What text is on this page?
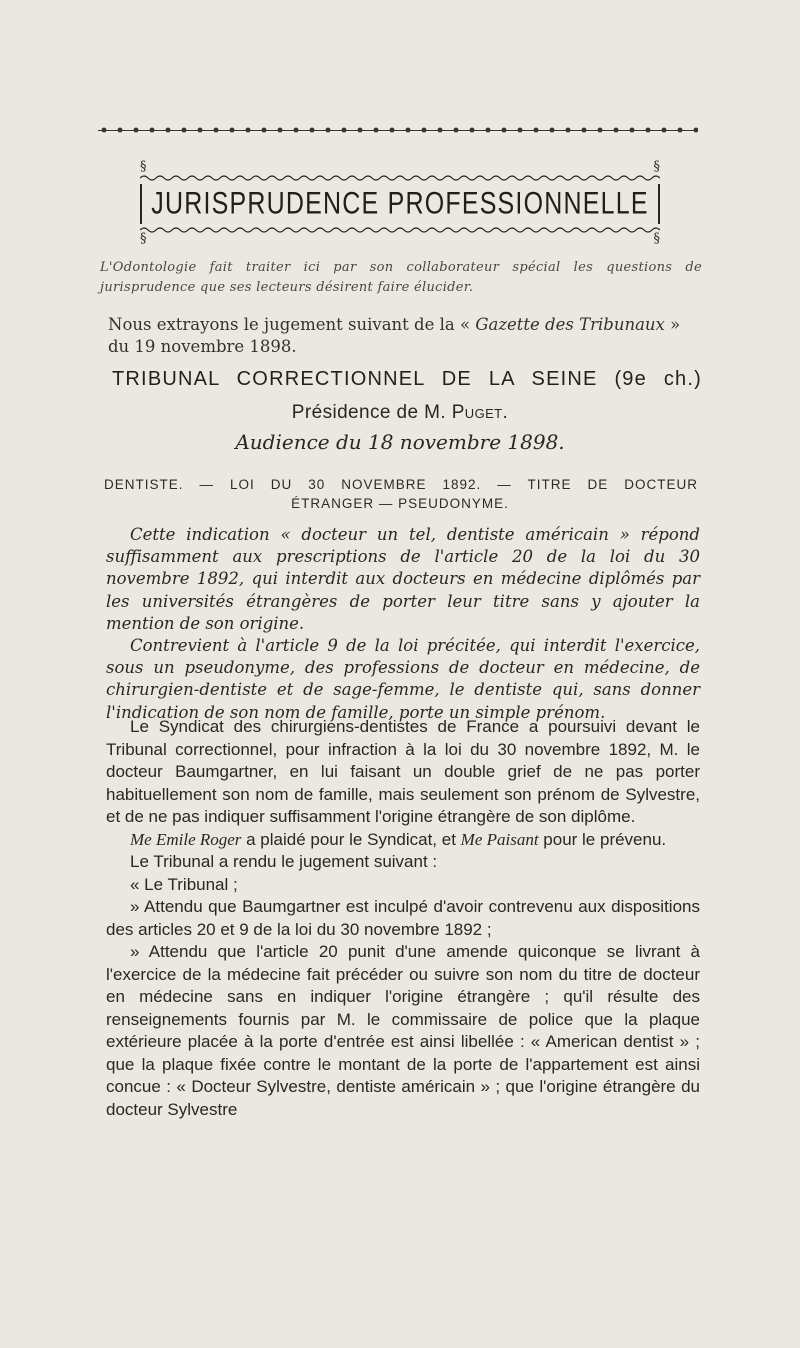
§	§
§	§
JURISPRUDENCE PROFESSIONNELLE
L'Odontologie fait traiter ici par son collaborateur spécial les questions de jurisprudence que ses lecteurs désirent faire élucider.
Nous extrayons le jugement suivant de la « Gazette des Tribunaux » du 19 novembre 1898.
TRIBUNAL CORRECTIONNEL DE LA SEINE (9e ch.)
Présidence de M. Puget.
Audience du 18 novembre 1898.
DENTISTE. — LOI DU 30 NOVEMBRE 1892. — TITRE DE DOCTEUR
ÉTRANGER — PSEUDONYME.

Cette indication « docteur un tel, dentiste américain » répond suffisamment aux prescriptions de l'article 20 de la loi du 30 novembre 1892, qui interdit aux docteurs en médecine diplômés par les universités étrangères de porter leur titre sans y ajouter la mention de son origine.

Contrevient à l'article 9 de la loi précitée, qui interdit l'exercice, sous un pseudonyme, des professions de docteur en médecine, de chirurgien-dentiste et de sage-femme, le dentiste qui, sans donner l'indication de son nom de famille, porte un simple prénom.

Le Syndicat des chirurgiens-dentistes de France a poursuivi devant le Tribunal correctionnel, pour infraction à la loi du 30 novembre 1892, M. le docteur Baumgartner, en lui faisant un double grief de ne pas porter habituellement son nom de famille, mais seulement son prénom de Sylvestre, et de ne pas indiquer suffisamment l'origine étrangère de son diplôme.

Me Emile Roger a plaidé pour le Syndicat, et Me Paisant pour le prévenu.

Le Tribunal a rendu le jugement suivant :

« Le Tribunal ;

» Attendu que Baumgartner est inculpé d'avoir contrevenu aux dispositions des articles 20 et 9 de la loi du 30 novembre 1892 ;

» Attendu que l'article 20 punit d'une amende quiconque se livrant à l'exercice de la médecine fait précéder ou suivre son nom du titre de docteur en médecine sans en indiquer l'origine étrangère ; qu'il résulte des renseignements fournis par M. le commissaire de police que la plaque extérieure placée à la porte d'entrée est ainsi libellée : « American dentist » ; que la plaque fixée contre le montant de la porte de l'appartement est ainsi concue : « Docteur Sylvestre, dentiste américain » ; que l'origine étrangère du docteur Sylvestre
